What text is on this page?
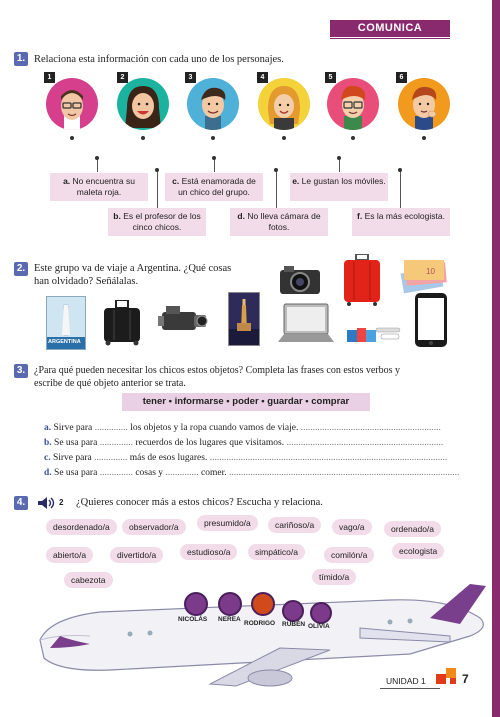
COMUNICA
1. Relaciona esta información con cada uno de los personajes.
1	2	3	4	5	6
a. No encuentra su maleta roja.
c. Está enamorada de un chico del grupo.
e. Le gustan los móviles.
b. Es el profesor de los cinco chicos.
d. No lleva cámara de fotos.
f. Es la más ecologista.
2. Este grupo va de viaje a Argentina. ¿Qué cosas
han olvidado? Señálalas.
ARGENTINA
10
3. ¿Para qué pueden necesitar los chicos estos objetos? Completa las frases con estos verbos y
escribe de qué objeto anterior se trata.
tener • informarse • poder • guardar • comprar
a. Sirve para .............. los objetos y la ropa cuando vamos de viaje. ...........................................................
b. Se usa para .............. recuerdos de los lugares que visitamos. ..................................................................
c. Sirve para .............. más de esos lugares. ....................................................................................................
d. Se usa para .............. cosas y .............. comer. .................................................................................................
4.	2 ¿Quieres conocer más a estos chicos? Escucha y relaciona.
desordenado/a	observador/a	presumido/a	cariñoso/a	vago/a	ordenado/a
abierto/a	divertido/a	estudioso/a	simpático/a	comilón/a	ecologista
cabezota	tímido/a
NICOLÁS NEREA
RODRIGO RUBÉN OLIVIA
UNIDAD 1	7
